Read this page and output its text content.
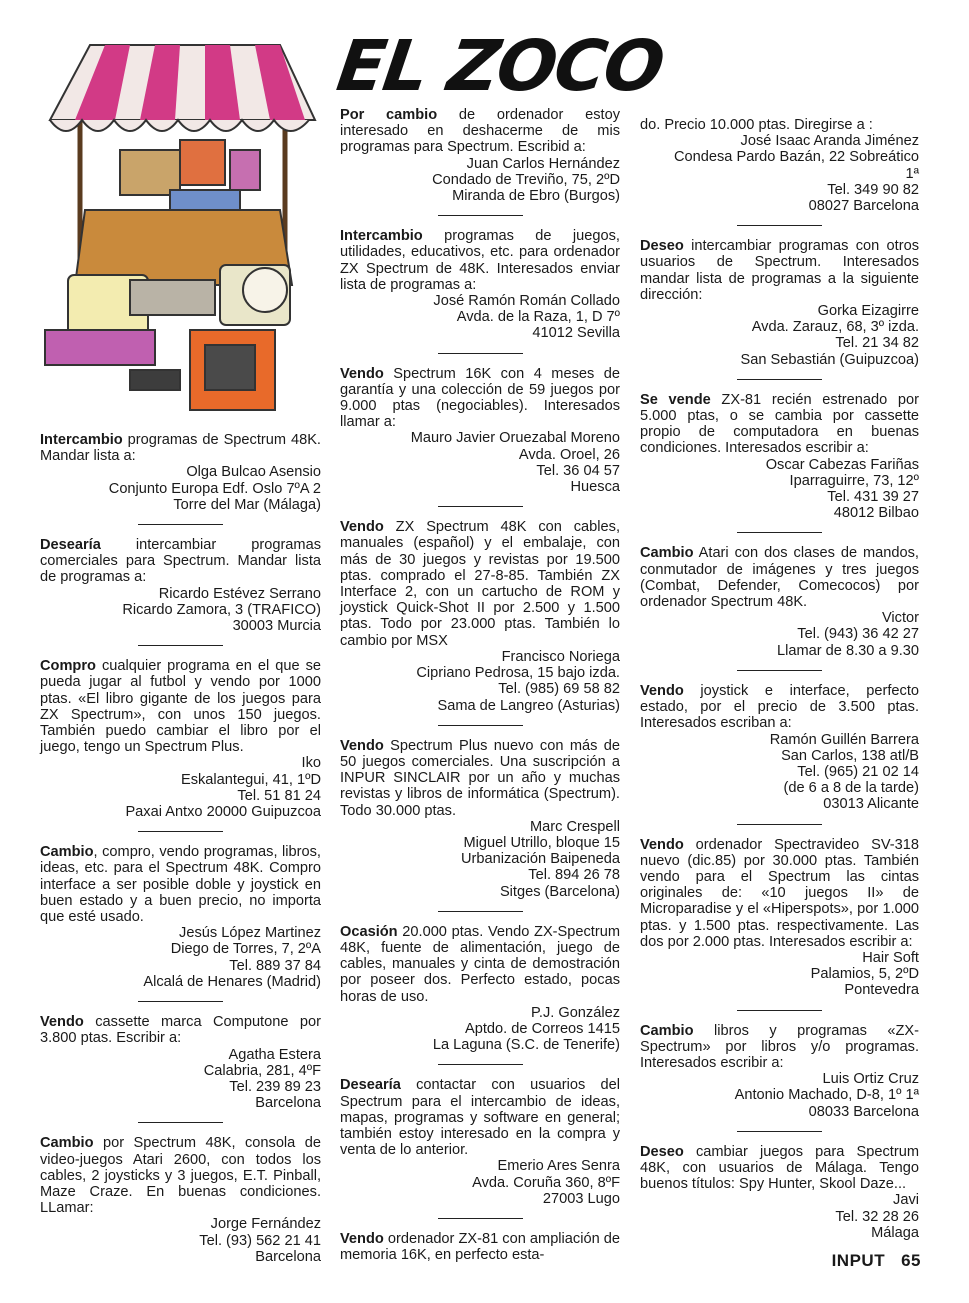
EL ZOCO

Intercambio programas de Spectrum 48K. Mandar lista a:

Olga Bulcao Asensio
Conjunto Europa Edf. Oslo 7ºA 2
Torre del Mar (Málaga)

Desearía intercambiar programas comerciales para Spectrum. Mandar lista de programas a:

Ricardo Estévez Serrano
Ricardo Zamora, 3 (TRAFICO)
30003 Murcia

Compro cualquier programa en el que se pueda jugar al futbol y vendo por 1000 ptas. «El libro gigante de los juegos para ZX Spectrum», con unos 150 juegos. También puedo cambiar el libro por el juego, tengo un Spectrum Plus.

Iko
Eskalantegui, 41, 1ºD
Tel. 51 81 24
Paxai Antxo 20000 Guipuzcoa

Cambio, compro, vendo programas, libros, ideas, etc. para el Spectrum 48K. Compro interface a ser posible doble y joystick en buen estado y a buen precio, no importa que esté usado.

Jesús López Martinez
Diego de Torres, 7, 2ºA
Tel. 889 37 84
Alcalá de Henares (Madrid)

Vendo cassette marca Computone por 3.800 ptas. Escribir a:

Agatha Estera
Calabria, 281, 4ºF
Tel. 239 89 23
Barcelona

Cambio por Spectrum 48K, consola de video-juegos Atari 2600, con todos los cables, 2 joysticks y 3 juegos, E.T. Pinball, Maze Craze. En buenas condiciones. LLamar:

Jorge Fernández
Tel. (93) 562 21 41
Barcelona

Por cambio de ordenador estoy interesado en deshacerme de mis programas para Spectrum. Escribid a:

Juan Carlos Hernández
Condado de Treviño, 75, 2ºD
Miranda de Ebro (Burgos)

Intercambio programas de juegos, utilidades, educativos, etc. para ordenador ZX Spectrum de 48K. Interesados enviar lista de programas a:

José Ramón Román Collado
Avda. de la Raza, 1, D 7º
41012 Sevilla

Vendo Spectrum 16K con 4 meses de garantía y una colección de 59 juegos por 9.000 ptas (negociables). Interesados llamar a:

Mauro Javier Oruezabal Moreno
Avda. Oroel, 26
Tel. 36 04 57
Huesca

Vendo ZX Spectrum 48K con cables, manuales (español) y el embalaje, con más de 30 juegos y revistas por 19.500 ptas. comprado el 27-8-85. También ZX Interface 2, con un cartucho de ROM y joystick Quick-Shot II por 2.500 y 1.500 ptas. Todo por 23.000 ptas. También lo cambio por MSX

Francisco Noriega
Cipriano Pedrosa, 15 bajo izda.
Tel. (985) 69 58 82
Sama de Langreo (Asturias)

Vendo Spectrum Plus nuevo con más de 50 juegos comerciales. Una suscripción a INPUR SINCLAIR por un año y muchas revistas y libros de informática (Spectrum). Todo 30.000 ptas.

Marc Crespell
Miguel Utrillo, bloque 15
Urbanización Baipeneda
Tel. 894 26 78
Sitges (Barcelona)

Ocasión 20.000 ptas. Vendo ZX-Spectrum 48K, fuente de alimentación, juego de cables, manuales y cinta de demostración por poseer dos. Perfecto estado, pocas horas de uso.

P.J. González
Aptdo. de Correos 1415
La Laguna (S.C. de Tenerife)

Desearía contactar con usuarios del Spectrum para el intercambio de ideas, mapas, programas y software en general; también estoy interesado en la compra y venta de lo anterior.

Emerio Ares Senra
Avda. Coruña 360, 8ºF
27003 Lugo

Vendo ordenador ZX-81 con ampliación de memoria 16K, en perfecto esta-

do. Precio 10.000 ptas. Diregirse a :

José Isaac Aranda Jiménez
Condesa Pardo Bazán, 22 Sobreático
1ª
Tel. 349 90 82
08027 Barcelona

Deseo intercambiar programas con otros usuarios de Spectrum. Interesados mandar lista de programas a la siguiente dirección:

Gorka Eizagirre
Avda. Zarauz, 68, 3º izda.
Tel. 21 34 82
San Sebastián (Guipuzcoa)

Se vende ZX-81 recién estrenado por 5.000 ptas, o se cambia por cassette propio de computadora en buenas condiciones. Interesados escribir a:

Oscar Cabezas Fariñas
Iparraguirre, 73, 12º
Tel. 431 39 27
48012 Bilbao

Cambio Atari con dos clases de mandos, conmutador de imágenes y tres juegos (Combat, Defender, Comecocos) por ordenador Spectrum 48K.

Victor
Tel. (943) 36 42 27
Llamar de 8.30 a 9.30

Vendo joystick e interface, perfecto estado, por el precio de 3.500 ptas. Interesados escriban a:

Ramón Guillén Barrera
San Carlos, 138 atl/B
Tel. (965) 21 02 14
(de 6 a 8 de la tarde)
03013 Alicante

Vendo ordenador Spectravideo SV-318 nuevo (dic.85) por 30.000 ptas. También vendo para el Spectrum las cintas originales de: «10 juegos II» de Microparadise y el «Hiperspots», por 1.000 ptas. y 1.500 ptas. respectivamente. Las dos por 2.000 ptas. Interesados escribir a:

Hair Soft
Palamios, 5, 2ºD
Pontevedra

Cambio libros y programas «ZX-Spectrum» por libros y/o programas. Interesados escribir a:

Luis Ortiz Cruz
Antonio Machado, D-8, 1º 1ª
08033 Barcelona

Deseo cambiar juegos para Spectrum 48K, con usuarios de Málaga. Tengo buenos títulos: Spy Hunter, Skool Daze...

Javi
Tel. 32 28 26
Málaga
INPUT 65
